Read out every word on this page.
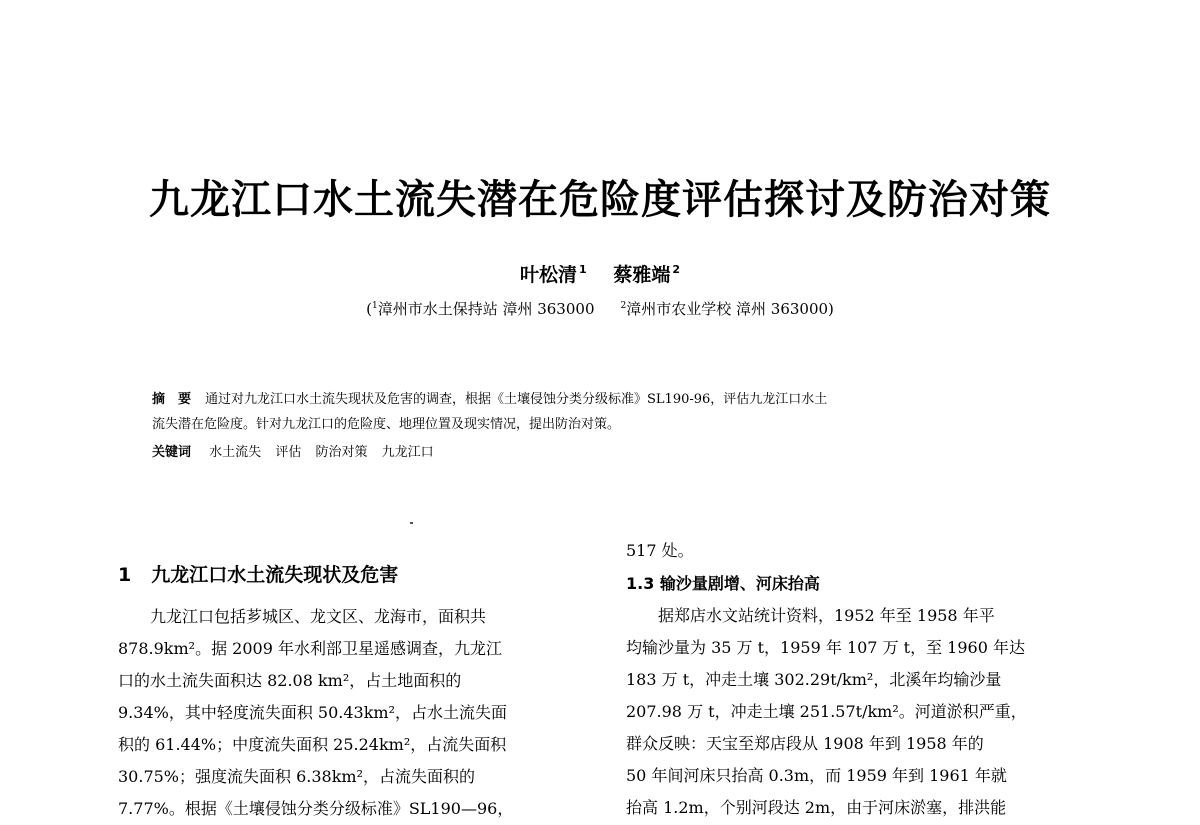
九龙江口水土流失潜在危险度评估探讨及防治对策
叶松清 $^1$ 蔡雅端 $^2$
($^1$漳州市水土保持站 漳州 363000	$^2$漳州市农业学校 漳州 363000)
摘　要 通过对九龙江口水土流失现状及危害的调查，根据《土壤侵蚀分类分级标准》SL190-96，评估九龙江口水土
流失潜在危险度。针对九龙江口的危险度、地理位置及现实情况，提出防治对策。
关键词 水土流失 评估 防治对策 九龙江口
1 九龙江口水土流失现状及危害
九龙江口包括芗城区、龙文区、龙海市，面积共
878.9km²。据 2009 年水利部卫星遥感调查，九龙江
口的水土流失面积达 82.08 km²，占土地面积的
9.34%，其中轻度流失面积 50.43km²，占水土流失面
积的 61.44%；中度流失面积 25.24km²，占流失面积
30.75%；强度流失面积 6.38km²，占流失面积的
7.77%。根据《土壤侵蚀分类分级标准》SL190—96，
517 处。
1.3 输沙量剧增、河床抬高
据郑店水文站统计资料，1952 年至 1958 年平
均输沙量为 35 万 t，1959 年 107 万 t，至 1960 年达
183 万 t，冲走土壤 302.29t/km²，北溪年均输沙量
207.98 万 t，冲走土壤 251.57t/km²。河道淤积严重，
群众反映：天宝至郑店段从 1908 年到 1958 年的
50 年间河床只抬高 0.3m，而 1959 年到 1961 年就
抬高 1.2m，个别河段达 2m，由于河床淤塞，排洪能
